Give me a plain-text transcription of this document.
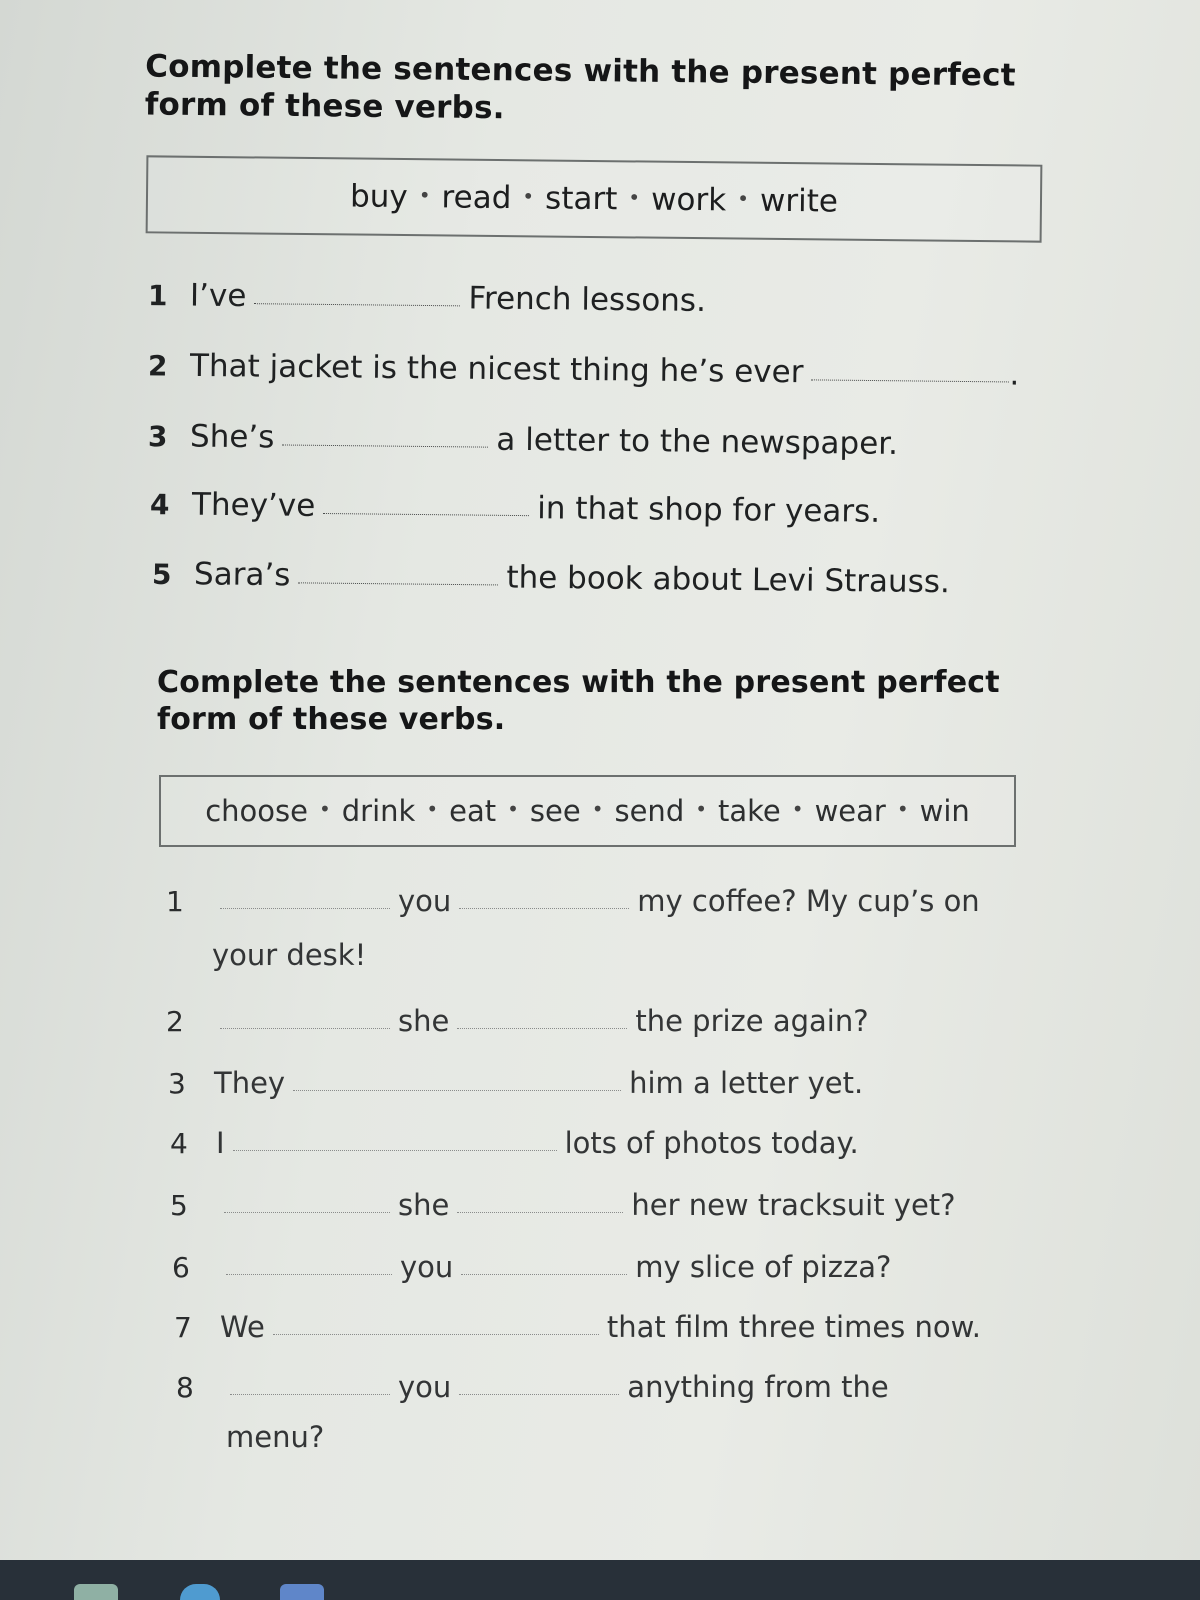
Complete the sentences with the present perfect
form of these verbs.
buy • read • start • work • write
1 I’ve	French lessons.
2 That jacket is the nicest thing he’s ever	.
3 She’s	a letter to the newspaper.
4 They’ve	in that shop for years.
5 Sara’s	the book about Levi Strauss.
Complete the sentences with the present perfect
form of these verbs.
choose • drink • eat • see • send • take • wear • win
1	you	my coffee? My cup’s on
your desk!
2	she	the prize again?
3 They	him a letter yet.
4 I	lots of photos today.
5	she	her new tracksuit yet?
6	you	my slice of pizza?
7 We	that film three times now.
8	you	anything from the
menu?
